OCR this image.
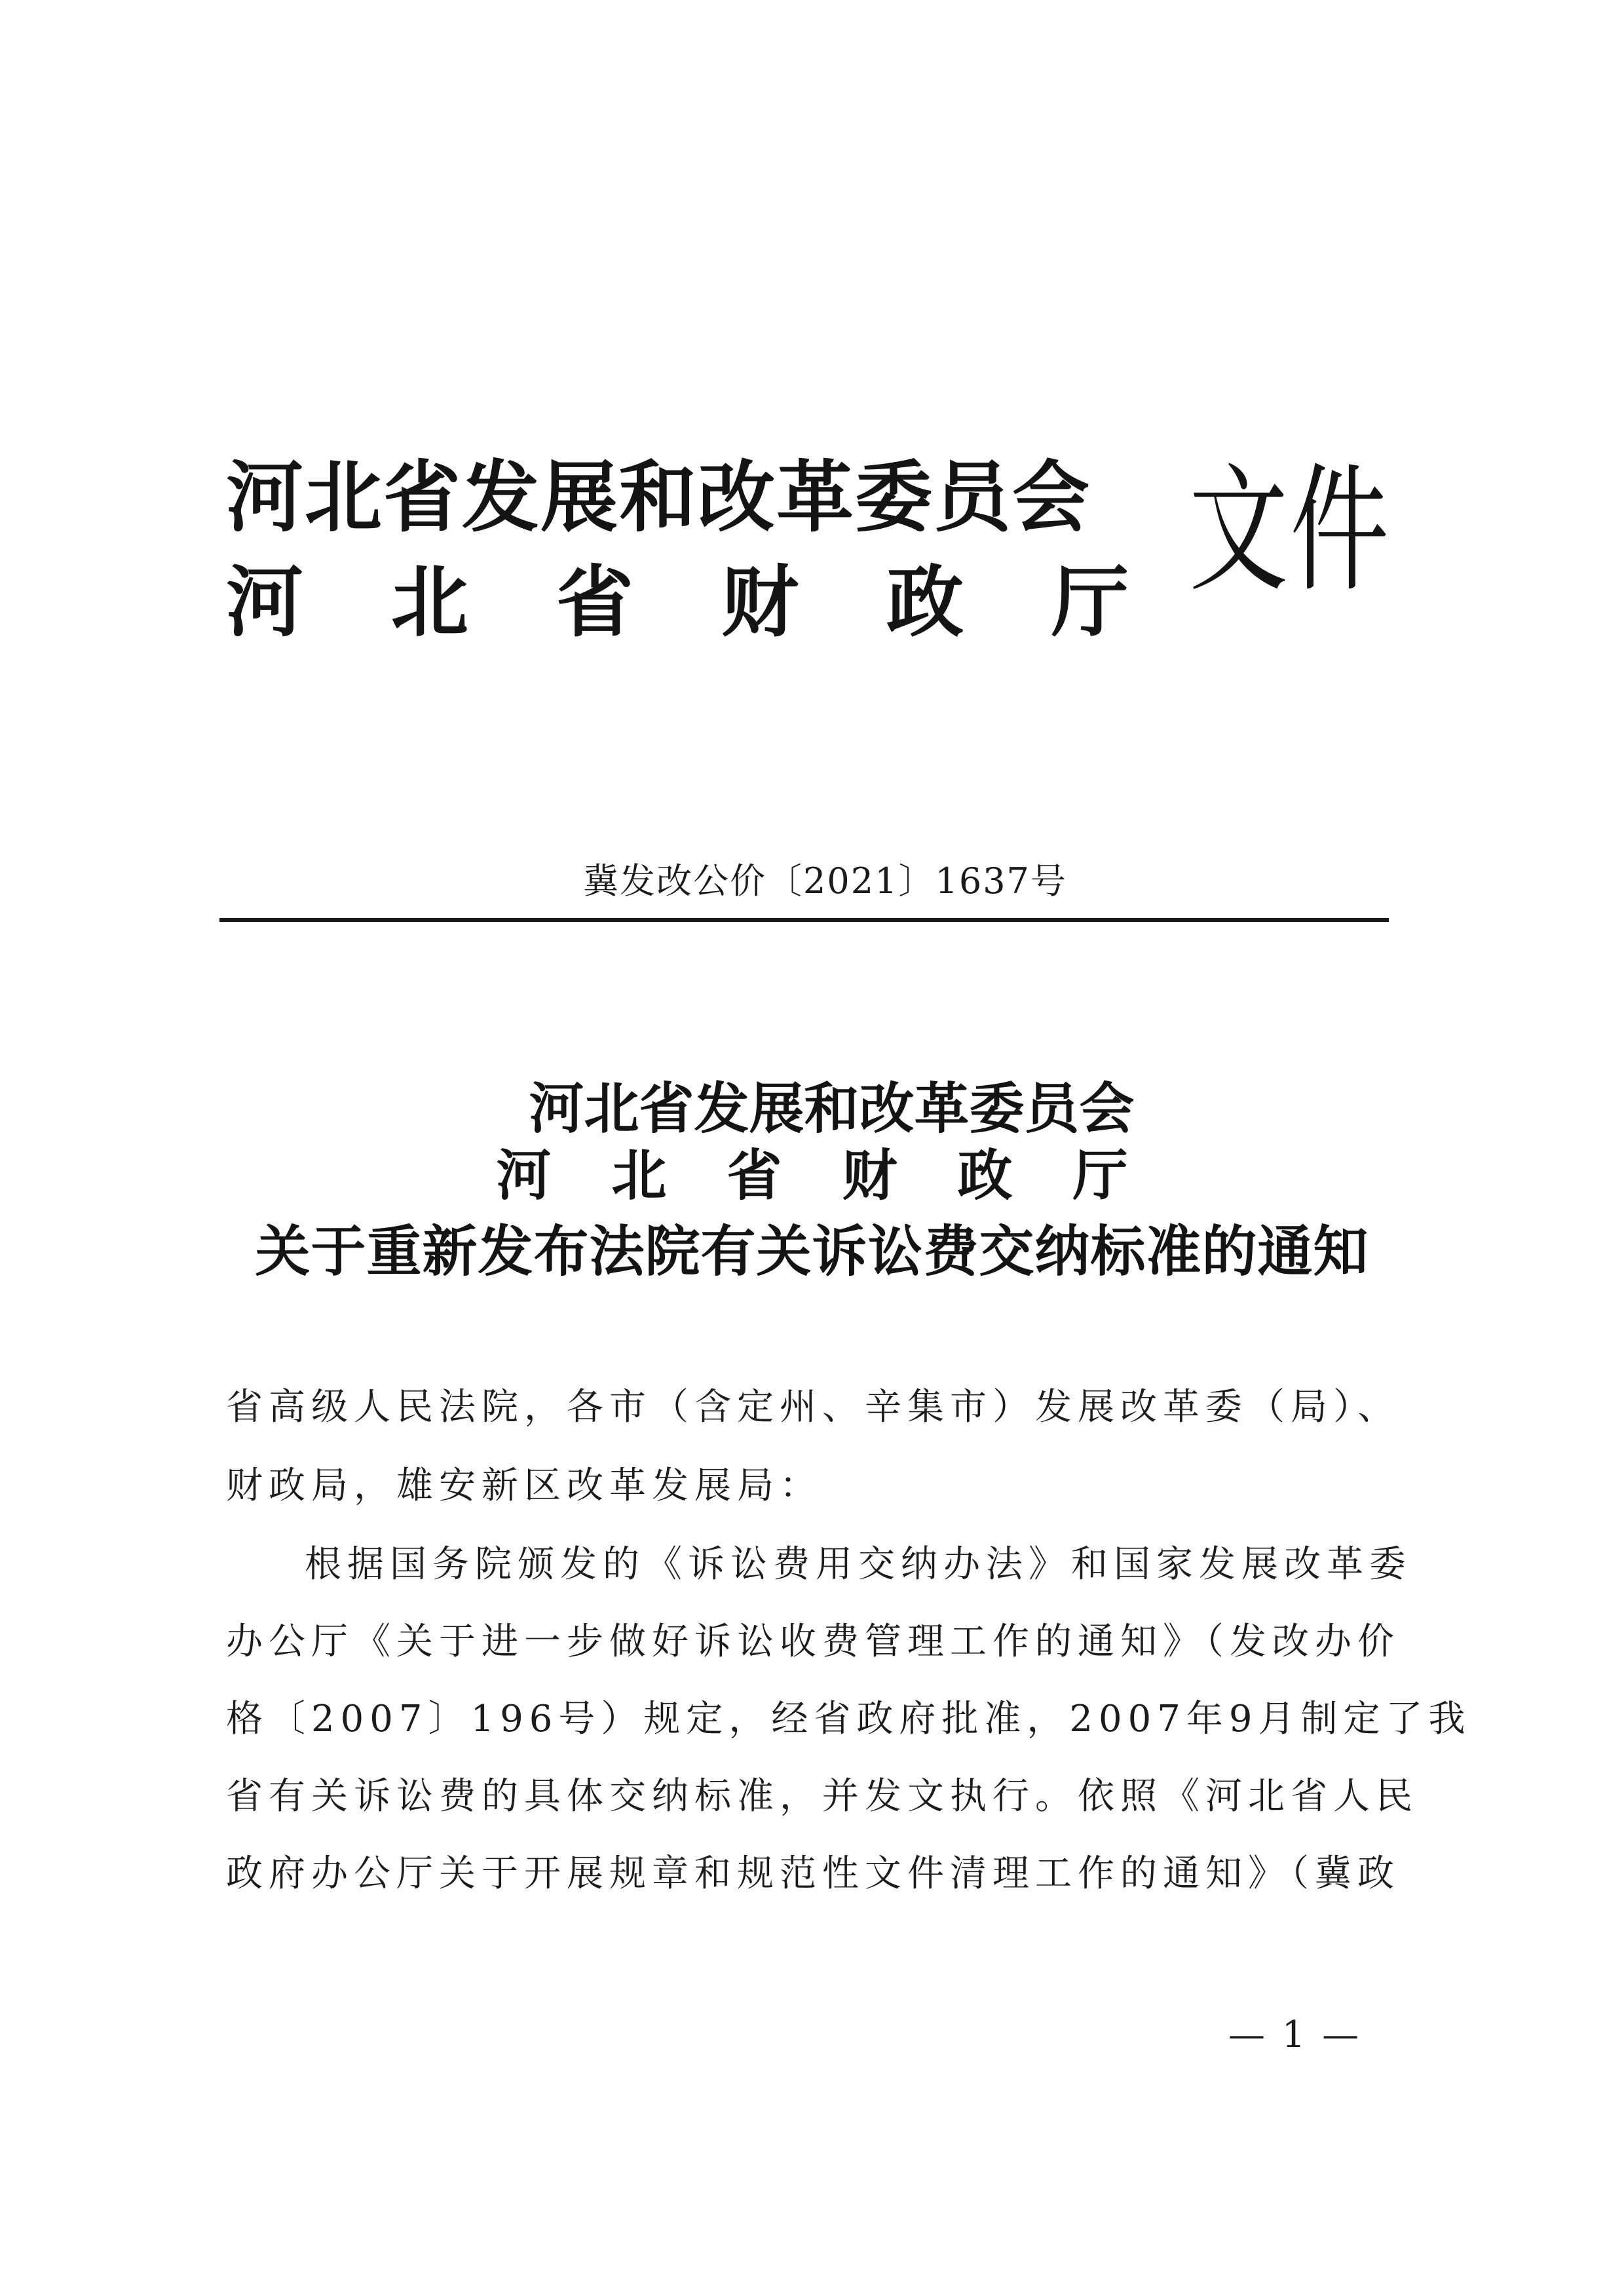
河北省发展和改革委员会
河北省财政厅
文件
冀发改公价〔2021〕1637号
河北省发展和改革委员会
河北省财政厅
关于重新发布法院有关诉讼费交纳标准的通知
省高级人民法院，各市（含定州、辛集市）发展改革委（局）、
财政局，雄安新区改革发展局：
根据国务院颁发的《诉讼费用交纳办法》和国家发展改革委
办公厅《关于进一步做好诉讼收费管理工作的通知》（发改办价
格〔2007〕196号）规定，经省政府批准，2007年9月制定了我
省有关诉讼费的具体交纳标准，并发文执行。依照《河北省人民
政府办公厅关于开展规章和规范性文件清理工作的通知》（冀政
— 1 —
